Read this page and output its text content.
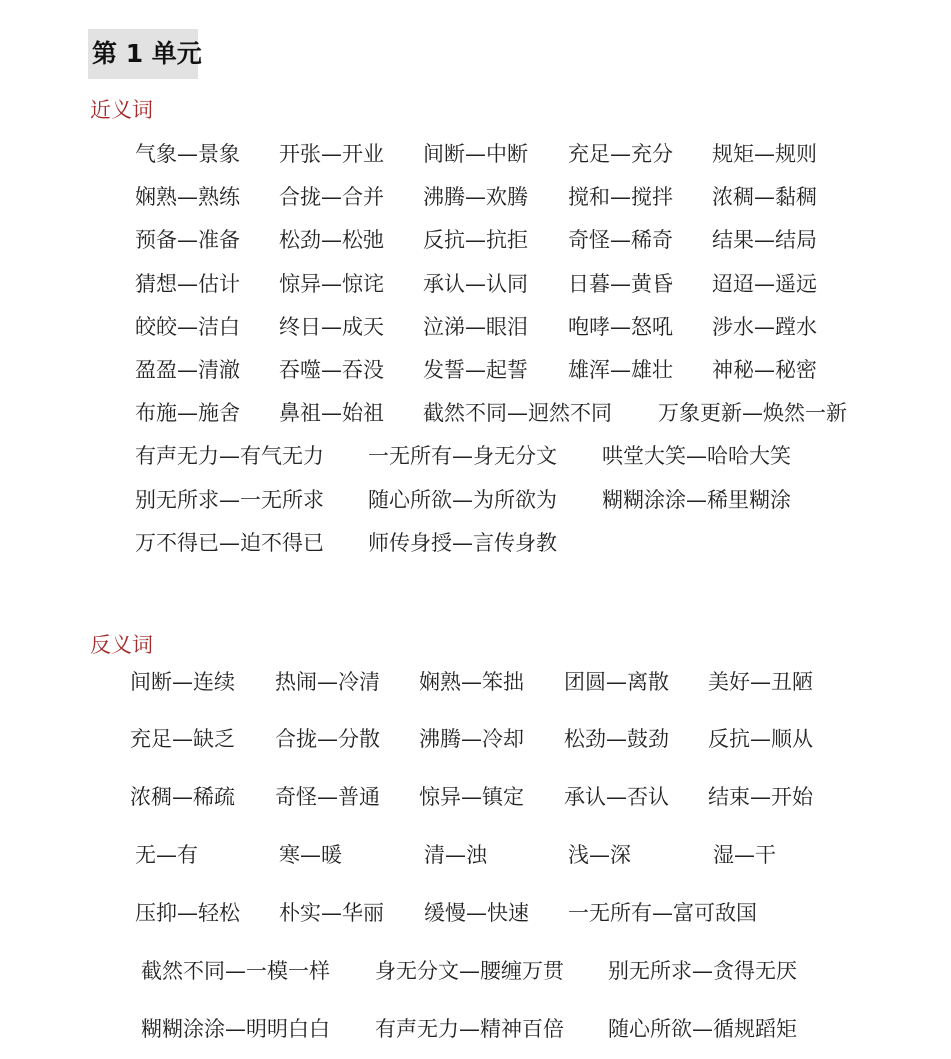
第 1 单元
近义词
气象—景象 开张—开业 间断—中断 充足—充分 规矩—规则
娴熟—熟练 合拢—合并 沸腾—欢腾 搅和—搅拌 浓稠—黏稠
预备—准备 松劲—松弛 反抗—抗拒 奇怪—稀奇 结果—结局
猜想—估计 惊异—惊诧 承认—认同 日暮—黄昏 迢迢—遥远
皎皎—洁白 终日—成天 泣涕—眼泪 咆哮—怒吼 涉水—蹚水
盈盈—清澈 吞噬—吞没 发誓—起誓 雄浑—雄壮 神秘—秘密
布施—施舍 鼻祖—始祖 截然不同—迥然不同 万象更新—焕然一新
有声无力—有气无力 一无所有—身无分文 哄堂大笑—哈哈大笑
别无所求—一无所求 随心所欲—为所欲为 糊糊涂涂—稀里糊涂
万不得已—迫不得已 师传身授—言传身教
反义词
间断—连续 热闹—冷清 娴熟—笨拙 团圆—离散 美好—丑陋
充足—缺乏 合拢—分散 沸腾—冷却 松劲—鼓劲 反抗—顺从
浓稠—稀疏 奇怪—普通 惊异—镇定 承认—否认 结束—开始
无—有	寒—暖	清—浊	浅—深	湿—干
压抑—轻松 朴实—华丽 缓慢—快速 一无所有—富可敌国
截然不同—一模一样 身无分文—腰缠万贯 别无所求—贪得无厌
糊糊涂涂—明明白白 有声无力—精神百倍 随心所欲—循规蹈矩
